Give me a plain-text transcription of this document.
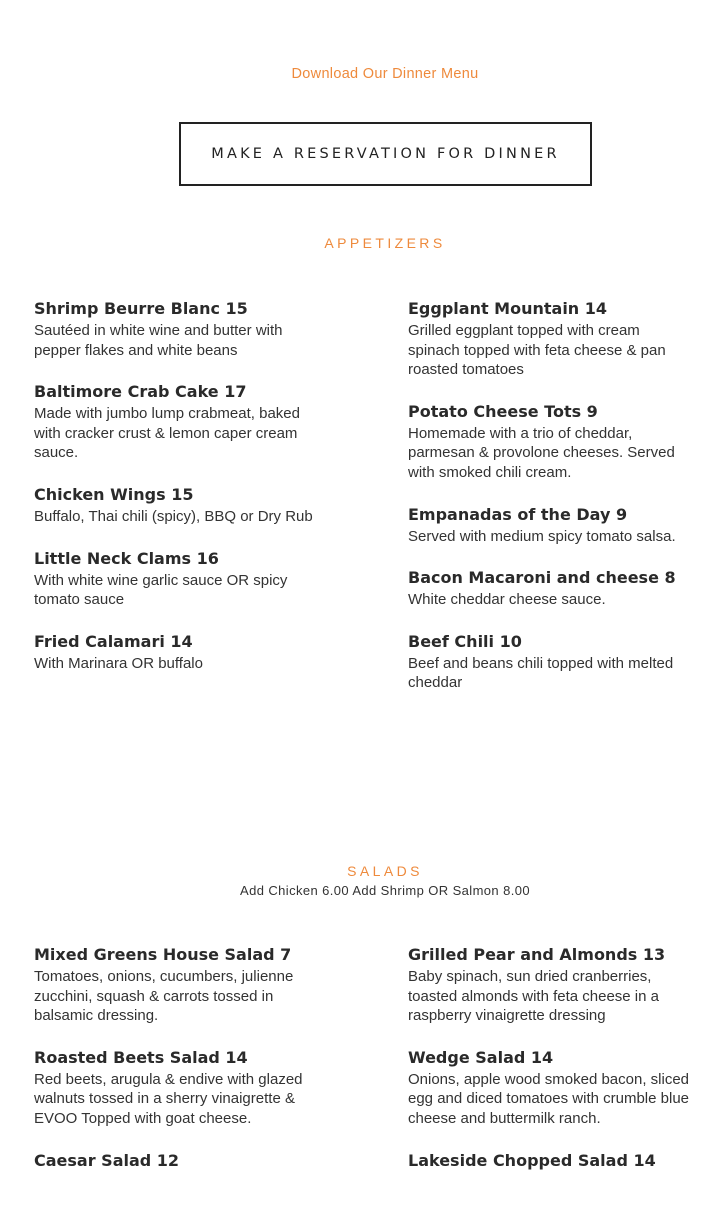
Download Our Dinner Menu
MAKE A RESERVATION FOR DINNER
APPETIZERS
Shrimp Beurre Blanc 15
Sautéed in white wine and butter with pepper flakes and white beans
Baltimore Crab Cake 17
Made with jumbo lump crabmeat, baked with cracker crust & lemon caper cream sauce.
Chicken Wings 15
Buffalo, Thai chili (spicy), BBQ or Dry Rub
Little Neck Clams 16
With white wine garlic sauce OR spicy tomato sauce
Fried Calamari 14
With Marinara OR buffalo
Eggplant Mountain 14
Grilled eggplant topped with cream spinach topped with feta cheese & pan roasted tomatoes
Potato Cheese Tots 9
Homemade with a trio of cheddar, parmesan & provolone cheeses. Served with smoked chili cream.
Empanadas of the Day 9
Served with medium spicy tomato salsa.
Bacon Macaroni and cheese 8
White cheddar cheese sauce.
Beef Chili 10
Beef and beans chili topped with melted cheddar
SALADS
Add Chicken 6.00 Add Shrimp OR Salmon 8.00
Mixed Greens House Salad 7
Tomatoes, onions, cucumbers, julienne zucchini, squash & carrots tossed in balsamic dressing.
Roasted Beets Salad 14
Red beets, arugula & endive with glazed walnuts tossed in a sherry vinaigrette & EVOO Topped with goat cheese.
Caesar Salad 12
Grilled Pear and Almonds 13
Baby spinach, sun dried cranberries, toasted almonds with feta cheese in a raspberry vinaigrette dressing
Wedge Salad 14
Onions, apple wood smoked bacon, sliced egg and diced tomatoes with crumble blue cheese and buttermilk ranch.
Lakeside Chopped Salad 14
